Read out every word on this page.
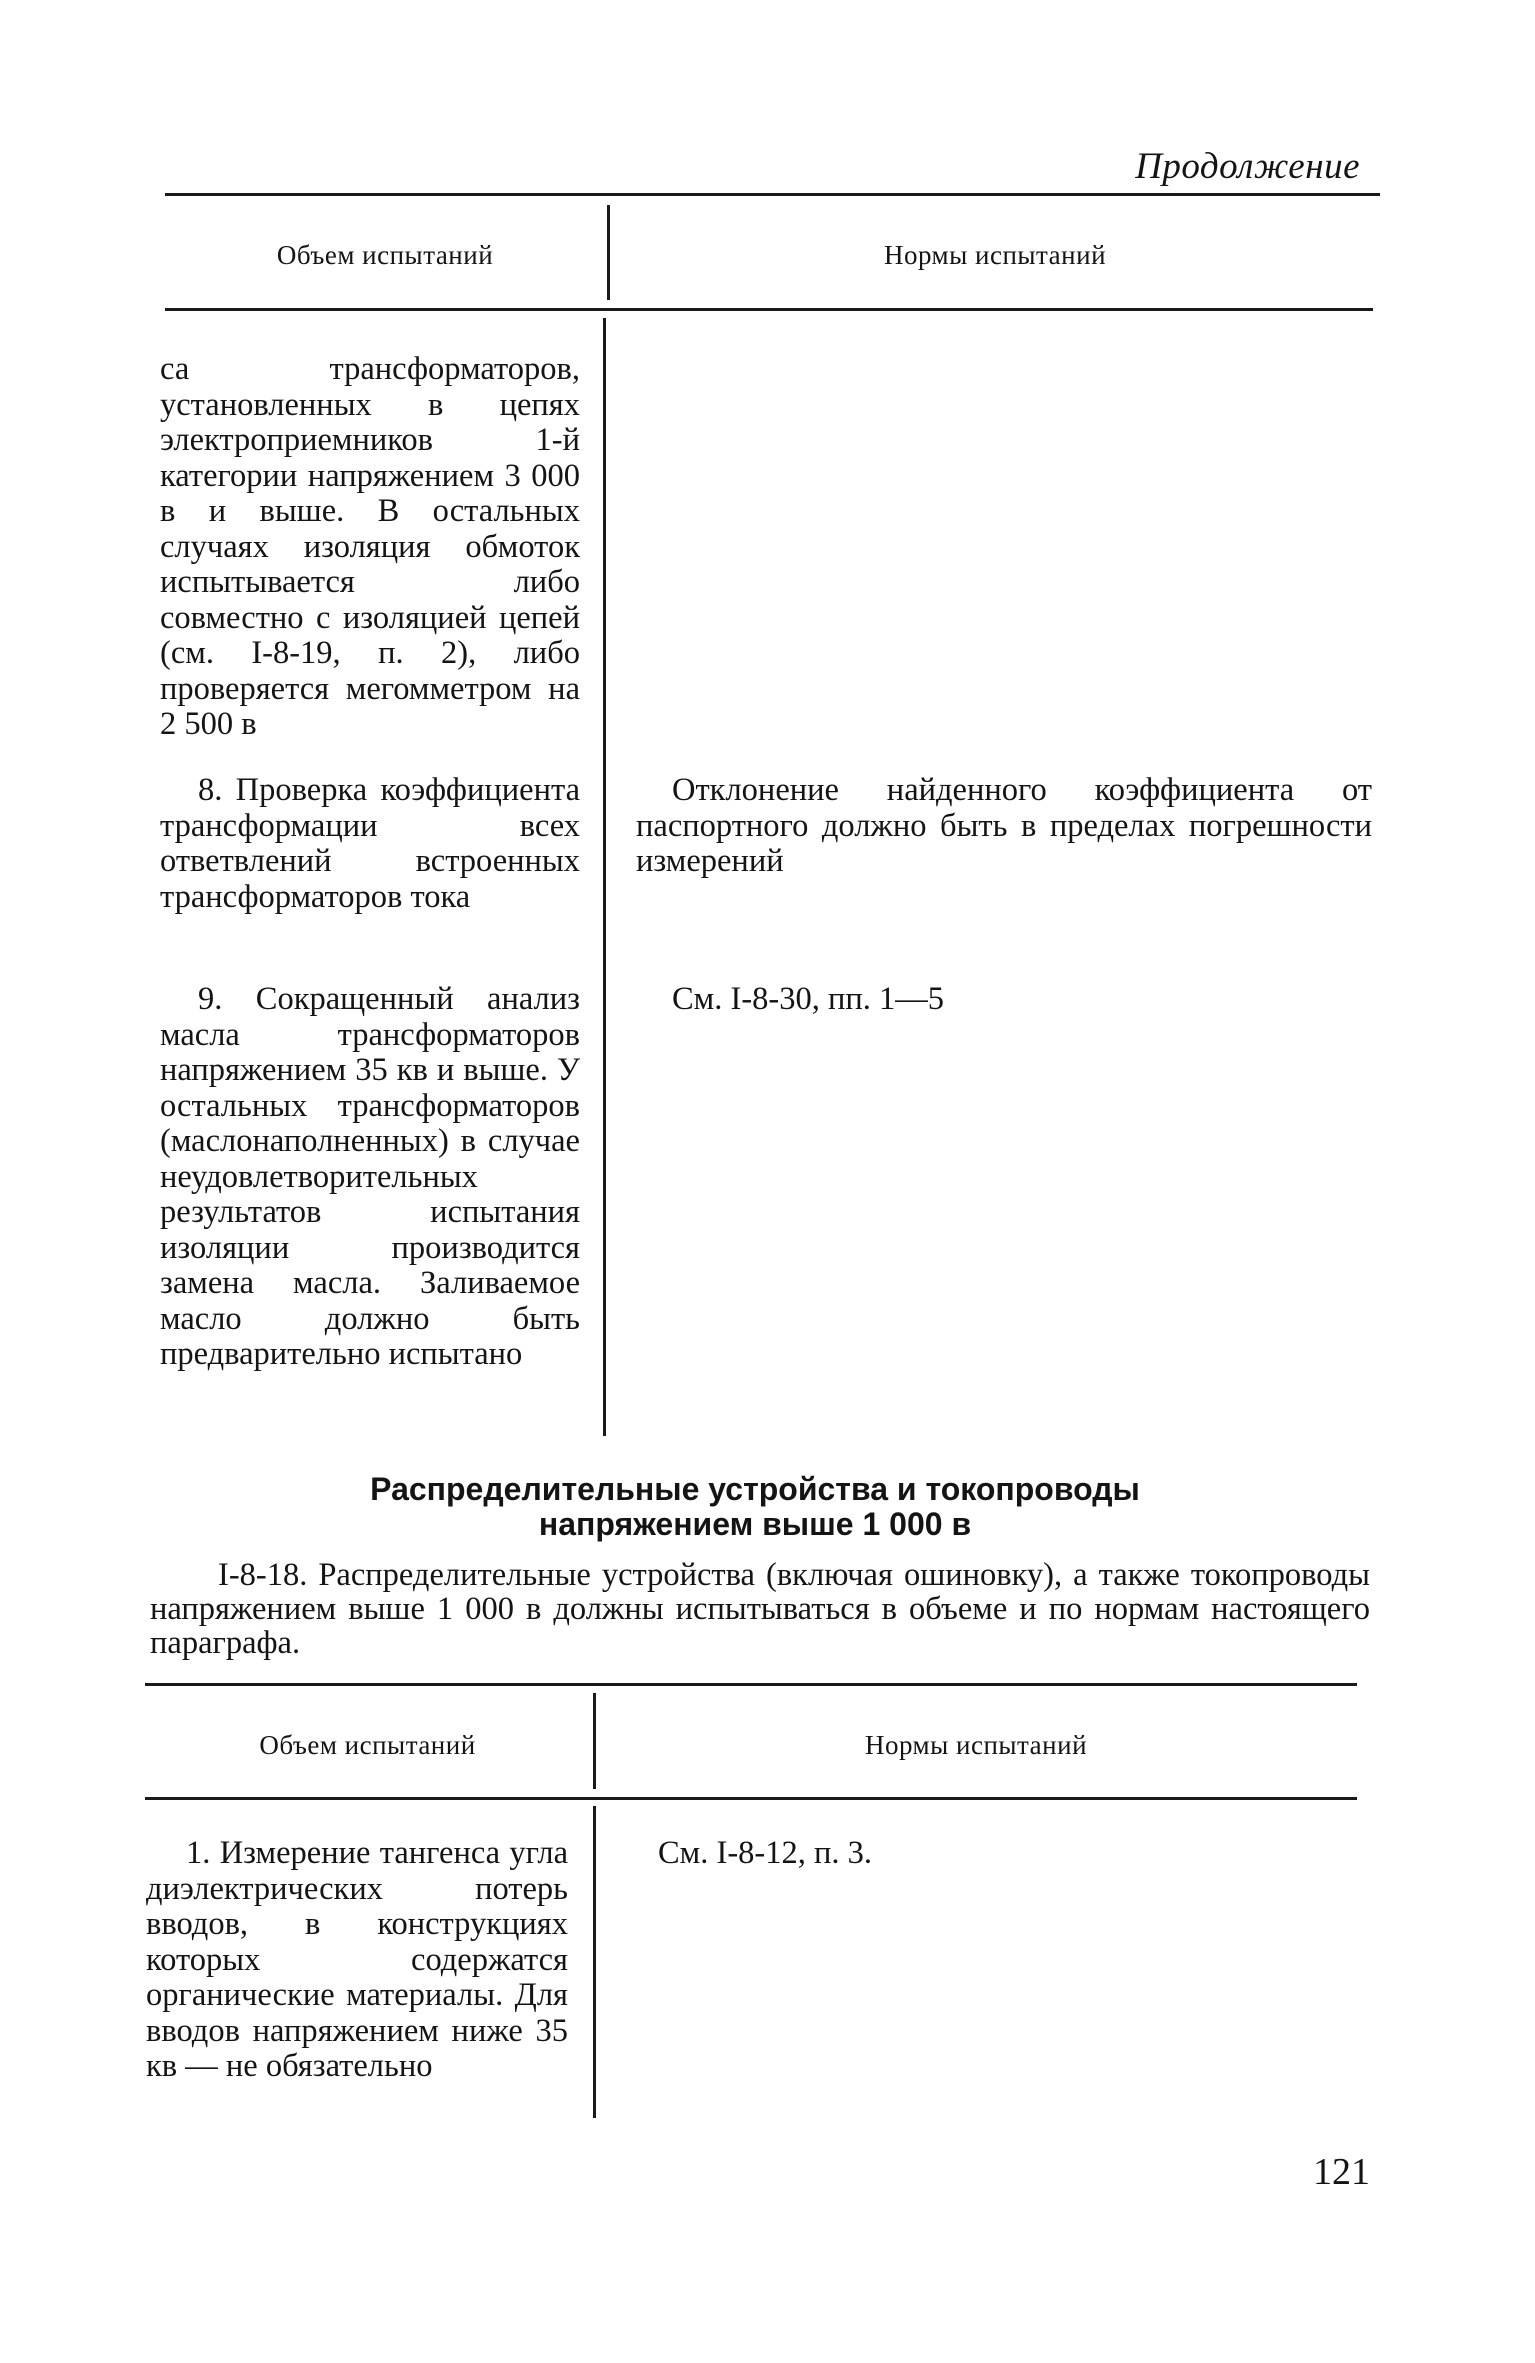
Продолжение
Объем испытаний	Нормы испытаний
са трансформаторов, установленных в цепях электроприемников 1-й категории напряжением 3 000 в и выше. В остальных случаях изоляция обмоток испытывается либо совместно с изоляцией цепей (см. I-8-19, п. 2), либо проверяется мегомметром на 2 500 в
8. Проверка коэффициента трансформации всех ответвлений встроенных трансформаторов тока
Отклонение найденного коэффициента от паспортного должно быть в пределах погрешности измерений
9. Сокращенный анализ масла трансформаторов напряжением 35 кв и выше. У остальных трансформаторов (маслонаполненных) в случае неудовлетворительных результатов испытания изоляции производится замена масла. Заливаемое масло должно быть предварительно испытано
См. I-8-30, пп. 1—5
Распределительные устройства и токопроводы
напряжением выше 1 000 в
I-8-18. Распределительные устройства (включая ошиновку), а также токопроводы напряжением выше 1 000 в должны испытываться в объеме и по нормам настоящего параграфа.
Объем испытаний	Нормы испытаний
1. Измерение тангенса угла диэлектрических потерь вводов, в конструкциях которых содержатся органические материалы. Для вводов напряжением ниже 35 кв — не обязательно
См. I-8-12, п. 3.
121
